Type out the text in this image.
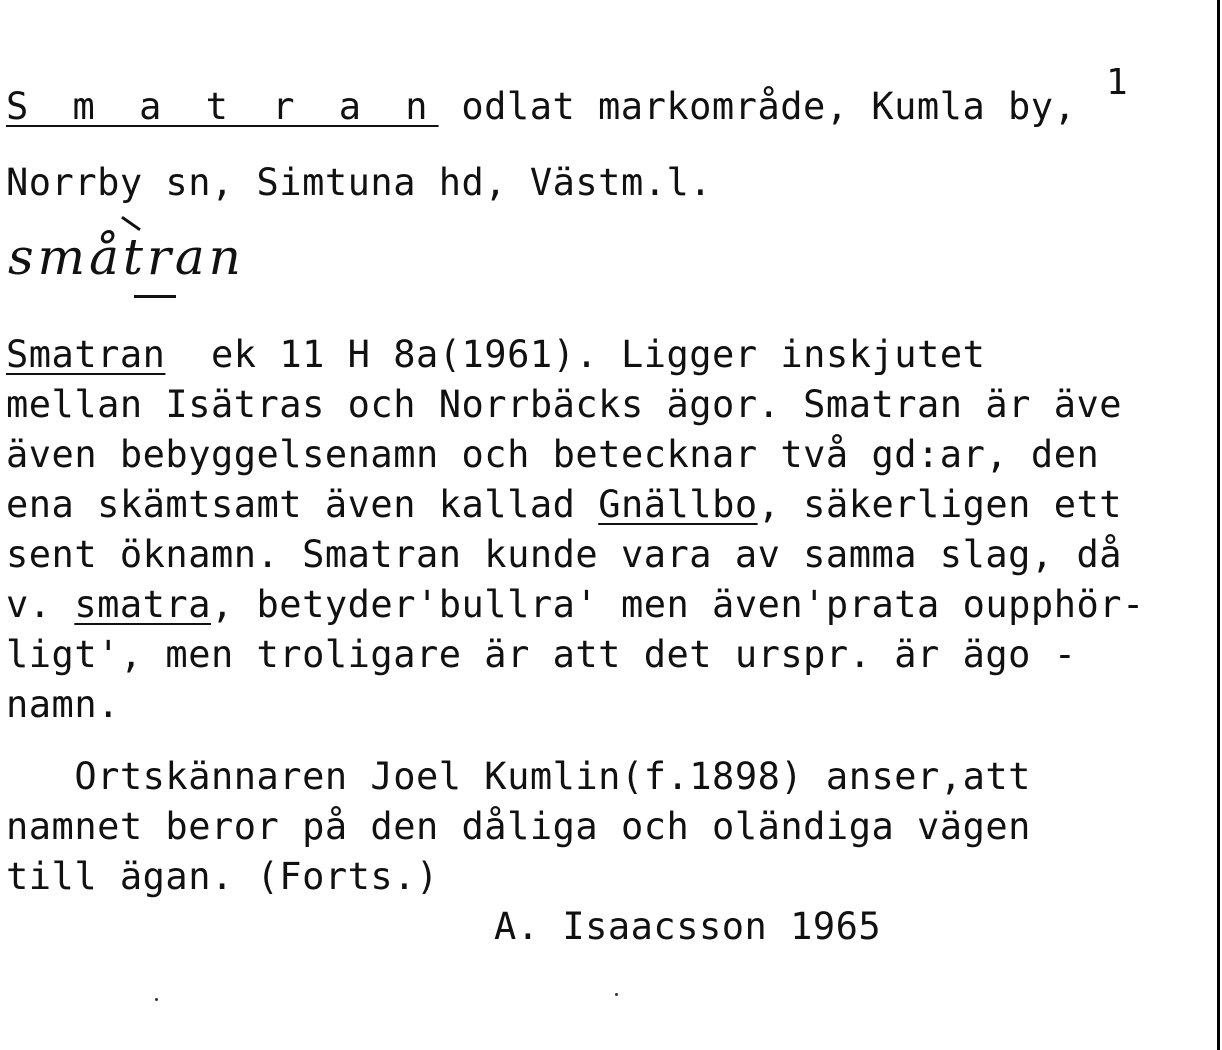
1
S m a t r a n odlat markområde, Kumla by,
Norrby sn, Simtuna hd, Västm.l.
småtran
Smatran  ek 11 H 8a(1961). Ligger inskjutet
mellan Isätras och Norrbäcks ägor. Smatran är äve
även bebyggelsenamn och betecknar två gd:ar, den
ena skämtsamt även kallad Gnällbo, säkerligen ett
sent öknamn. Smatran kunde vara av samma slag, då
v. smatra, betyder'bullra' men även'prata oupphör-
ligt', men troligare är att det urspr. är ägo -
namn.
Ortskännaren Joel Kumlin(f.1898) anser,att
namnet beror på den dåliga och oländiga vägen
till ägan. (Forts.)
A. Isaacsson 1965
